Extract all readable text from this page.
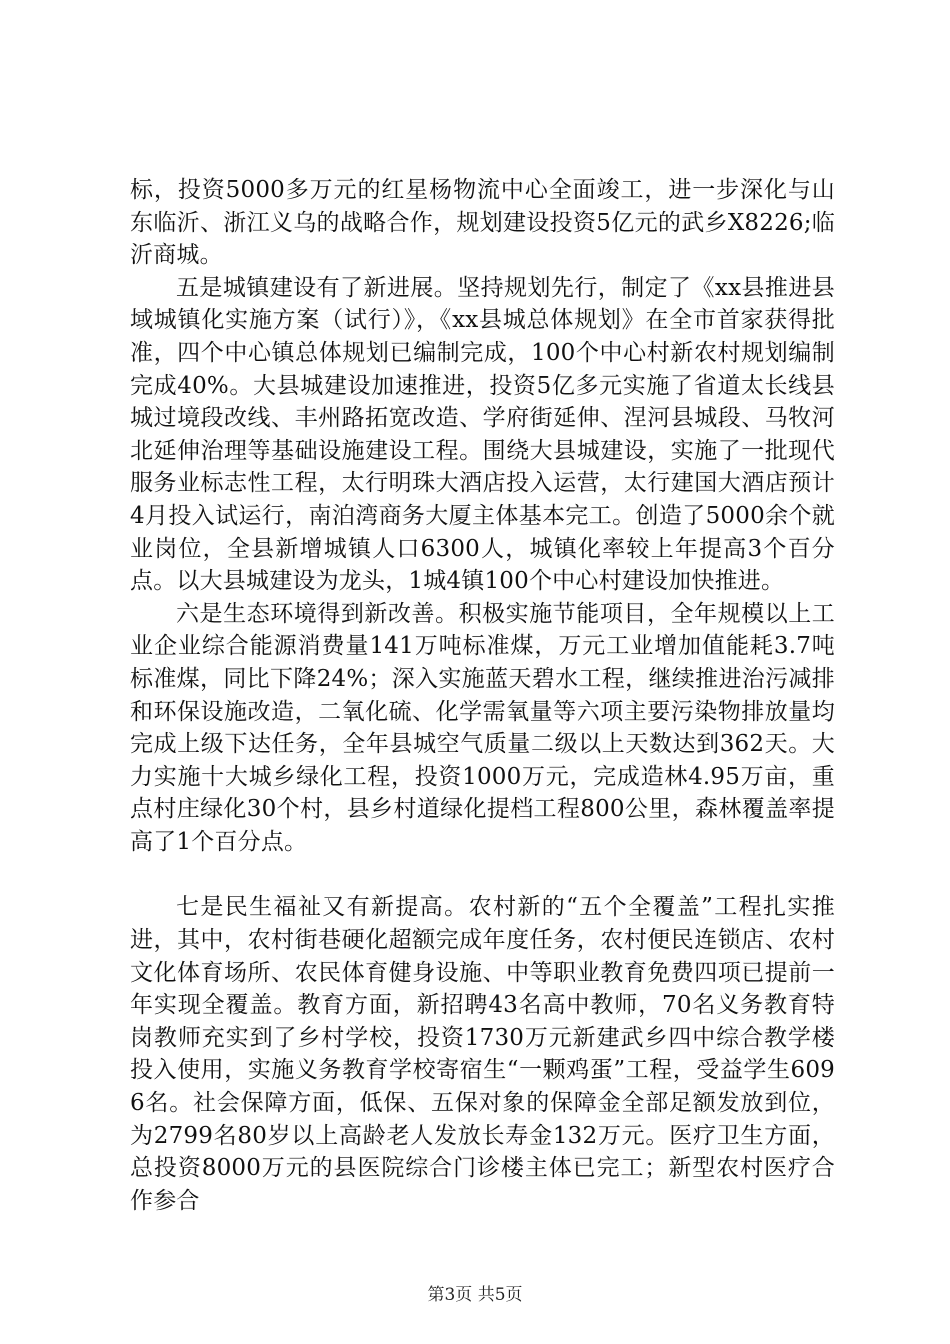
标，投资5000多万元的红星杨物流中心全面竣工，进一步深化与山东临沂、浙江义乌的战略合作，规划建设投资5亿元的武乡X8226;临沂商城。

五是城镇建设有了新进展。坚持规划先行，制定了《xx县推进县域城镇化实施方案（试行）》，《xx县城总体规划》在全市首家获得批准，四个中心镇总体规划已编制完成，100个中心村新农村规划编制完成40%。大县城建设加速推进，投资5亿多元实施了省道太长线县城过境段改线、丰州路拓宽改造、学府街延伸、涅河县城段、马牧河北延伸治理等基础设施建设工程。围绕大县城建设，实施了一批现代服务业标志性工程，太行明珠大酒店投入运营，太行建国大酒店预计4月投入试运行，南泊湾商务大厦主体基本完工。创造了5000余个就业岗位，全县新增城镇人口6300人，城镇化率较上年提高3个百分点。以大县城建设为龙头，1城4镇100个中心村建设加快推进。

六是生态环境得到新改善。积极实施节能项目，全年规模以上工业企业综合能源消费量141万吨标准煤，万元工业增加值能耗3.7吨标准煤，同比下降24%；深入实施蓝天碧水工程，继续推进治污减排和环保设施改造，二氧化硫、化学需氧量等六项主要污染物排放量均完成上级下达任务，全年县城空气质量二级以上天数达到362天。大力实施十大城乡绿化工程，投资1000万元，完成造林4.95万亩，重点村庄绿化30个村，县乡村道绿化提档工程800公里，森林覆盖率提高了1个百分点。

七是民生福祉又有新提高。农村新的“五个全覆盖”工程扎实推进，其中，农村街巷硬化超额完成年度任务，农村便民连锁店、农村文化体育场所、农民体育健身设施、中等职业教育免费四项已提前一年实现全覆盖。教育方面，新招聘43名高中教师，70名义务教育特岗教师充实到了乡村学校，投资1730万元新建武乡四中综合教学楼投入使用，实施义务教育学校寄宿生“一颗鸡蛋”工程，受益学生6096名。社会保障方面，低保、五保对象的保障金全部足额发放到位，为2799名80岁以上高龄老人发放长寿金132万元。医疗卫生方面，总投资8000万元的县医院综合门诊楼主体已完工；新型农村医疗合作参合

第3页 共5页
